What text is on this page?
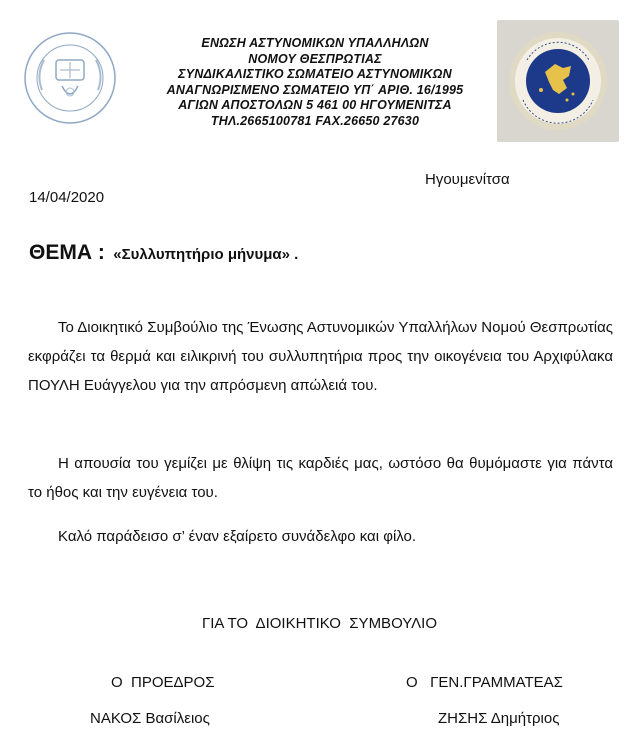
ΕΝΩΣΗ ΑΣΤΥΝΟΜΙΚΩΝ ΥΠΑΛΛΗΛΩΝ
ΝΟΜΟΥ ΘΕΣΠΡΩΤΙΑΣ
ΣΥΝΔΙΚΑΛΙΣΤΙΚΟ ΣΩΜΑΤΕΙΟ ΑΣΤΥΝΟΜΙΚΩΝ
ΑΝΑΓΝΩΡΙΣΜΕΝΟ ΣΩΜΑΤΕΙΟ ΥΠ΄ ΑΡΙΘ. 16/1995
ΑΓΙΩΝ ΑΠΟΣΤΟΛΩΝ 5 461 00 ΗΓΟΥΜΕΝΙΤΣΑ
ΤΗΛ.2665100781 FAX.26650 27630
Ηγουμενίτσα
14/04/2020
ΘΕΜΑ : «Συλλυπητήριο μήνυμα» .
Το Διοικητικό Συμβούλιο της Ένωσης Αστυνομικών Υπαλλήλων Νομού Θεσπρωτίας εκφράζει τα θερμά και ειλικρινή του συλλυπητήρια προς την οικογένεια του Αρχιφύλακα ΠΟΥΛΗ Ευάγγελου για την απρόσμενη απώλειά του.
Η απουσία του γεμίζει με θλίψη τις καρδιές μας, ωστόσο θα θυμόμαστε για πάντα το ήθος και την ευγένεια του.
Καλό παράδεισο σ’ έναν εξαίρετο συνάδελφο και φίλο.
ΓΙΑ ΤΟ  ΔΙΟΙΚΗΤΙΚΟ  ΣΥΜΒΟΥΛΙΟ
Ο  ΠΡΟΕΔΡΟΣ	Ο   ΓΕΝ.ΓΡΑΜΜΑΤΕΑΣ
ΝΑΚΟΣ Βασίλειος	ΖΗΣΗΣ Δημήτριος
